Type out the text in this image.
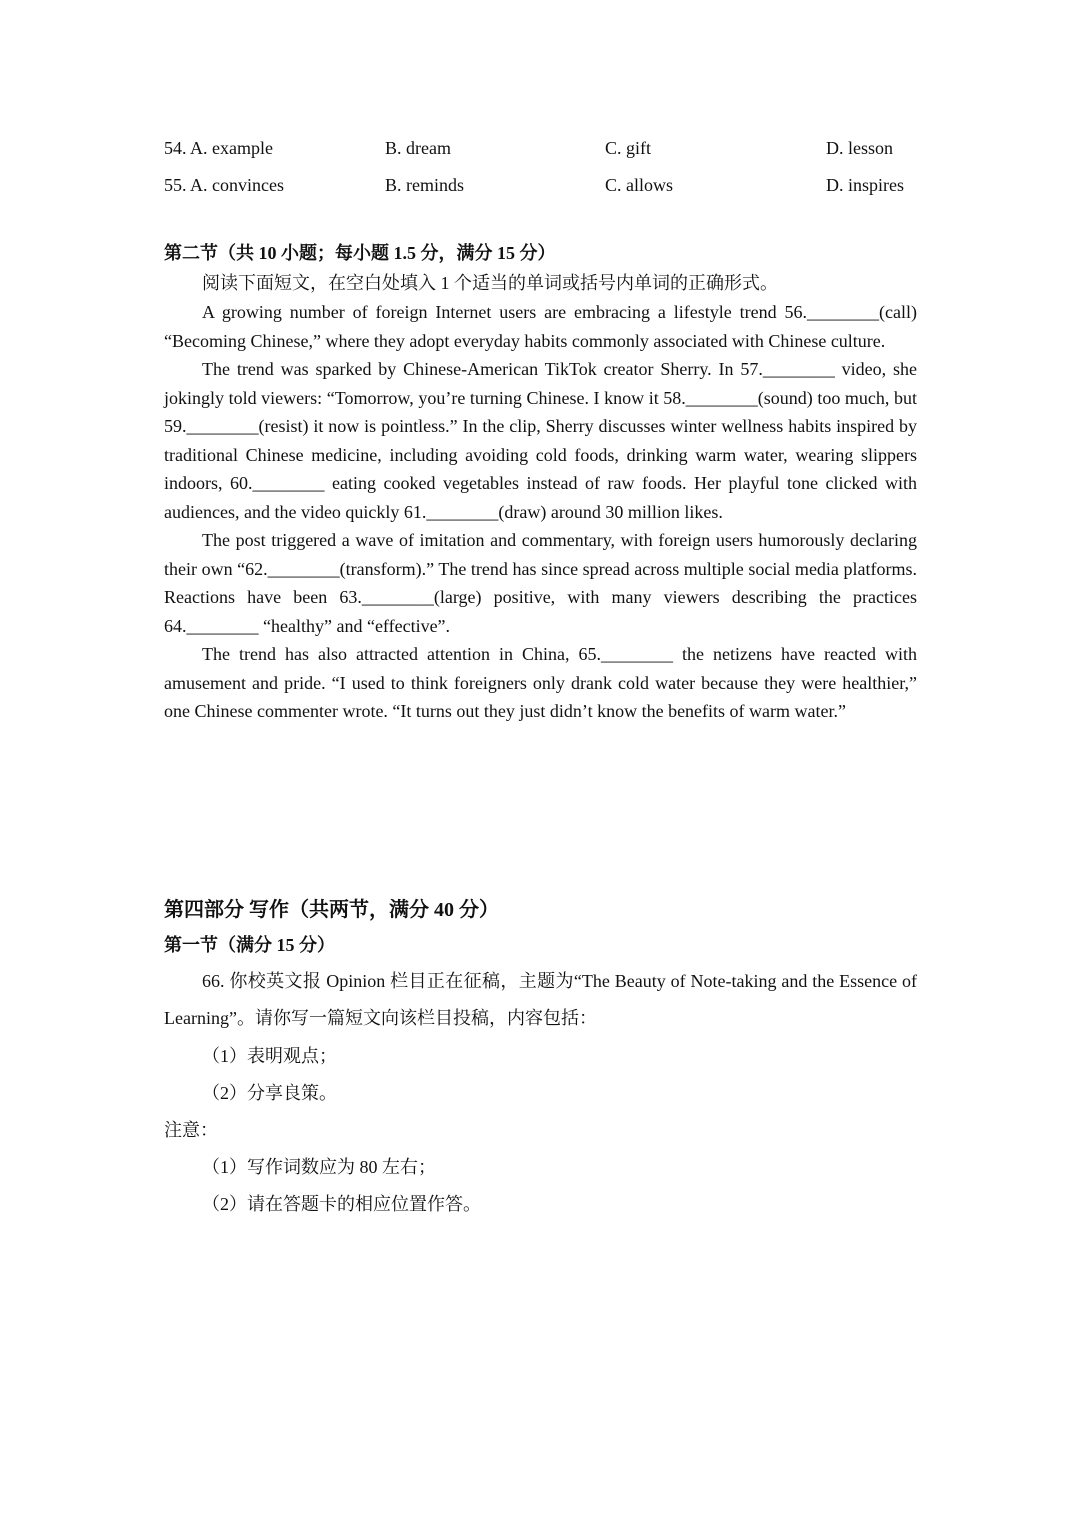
54. A. example	B. dream	C. gift	D. lesson
55. A. convinces	B. reminds	C. allows	D. inspires
第二节（共 10 小题；每小题 1.5 分，满分 15 分）
阅读下面短文，在空白处填入 1 个适当的单词或括号内单词的正确形式。

A growing number of foreign Internet users are embracing a lifestyle trend 56.________(call) “Becoming Chinese,” where they adopt everyday habits commonly associated with Chinese culture.

The trend was sparked by Chinese-American TikTok creator Sherry. In 57.________ video, she jokingly told viewers: “Tomorrow, you’re turning Chinese. I know it 58.________(sound) too much, but 59.________(resist) it now is pointless.” In the clip, Sherry discusses winter wellness habits inspired by traditional Chinese medicine, including avoiding cold foods, drinking warm water, wearing slippers indoors, 60.________ eating cooked vegetables instead of raw foods. Her playful tone clicked with audiences, and the video quickly 61.________(draw) around 30 million likes.

The post triggered a wave of imitation and commentary, with foreign users humorously declaring their own “62.________(transform).” The trend has since spread across multiple social media platforms. Reactions have been 63.________(large) positive, with many viewers describing the practices 64.________ “healthy” and “effective”.

The trend has also attracted attention in China, 65.________ the netizens have reacted with amusement and pride. “I used to think foreigners only drank cold water because they were healthier,” one Chinese commenter wrote. “It turns out they just didn’t know the benefits of warm water.”

第四部分 写作（共两节，满分 40 分）
第一节（满分 15 分）

66. 你校英文报 Opinion 栏目正在征稿，主题为“The Beauty of Note-taking and the Essence of Learning”。请你写一篇短文向该栏目投稿，内容包括：

（1）表明观点；
（2）分享良策。
注意：
（1）写作词数应为 80 左右；
（2）请在答题卡的相应位置作答。
